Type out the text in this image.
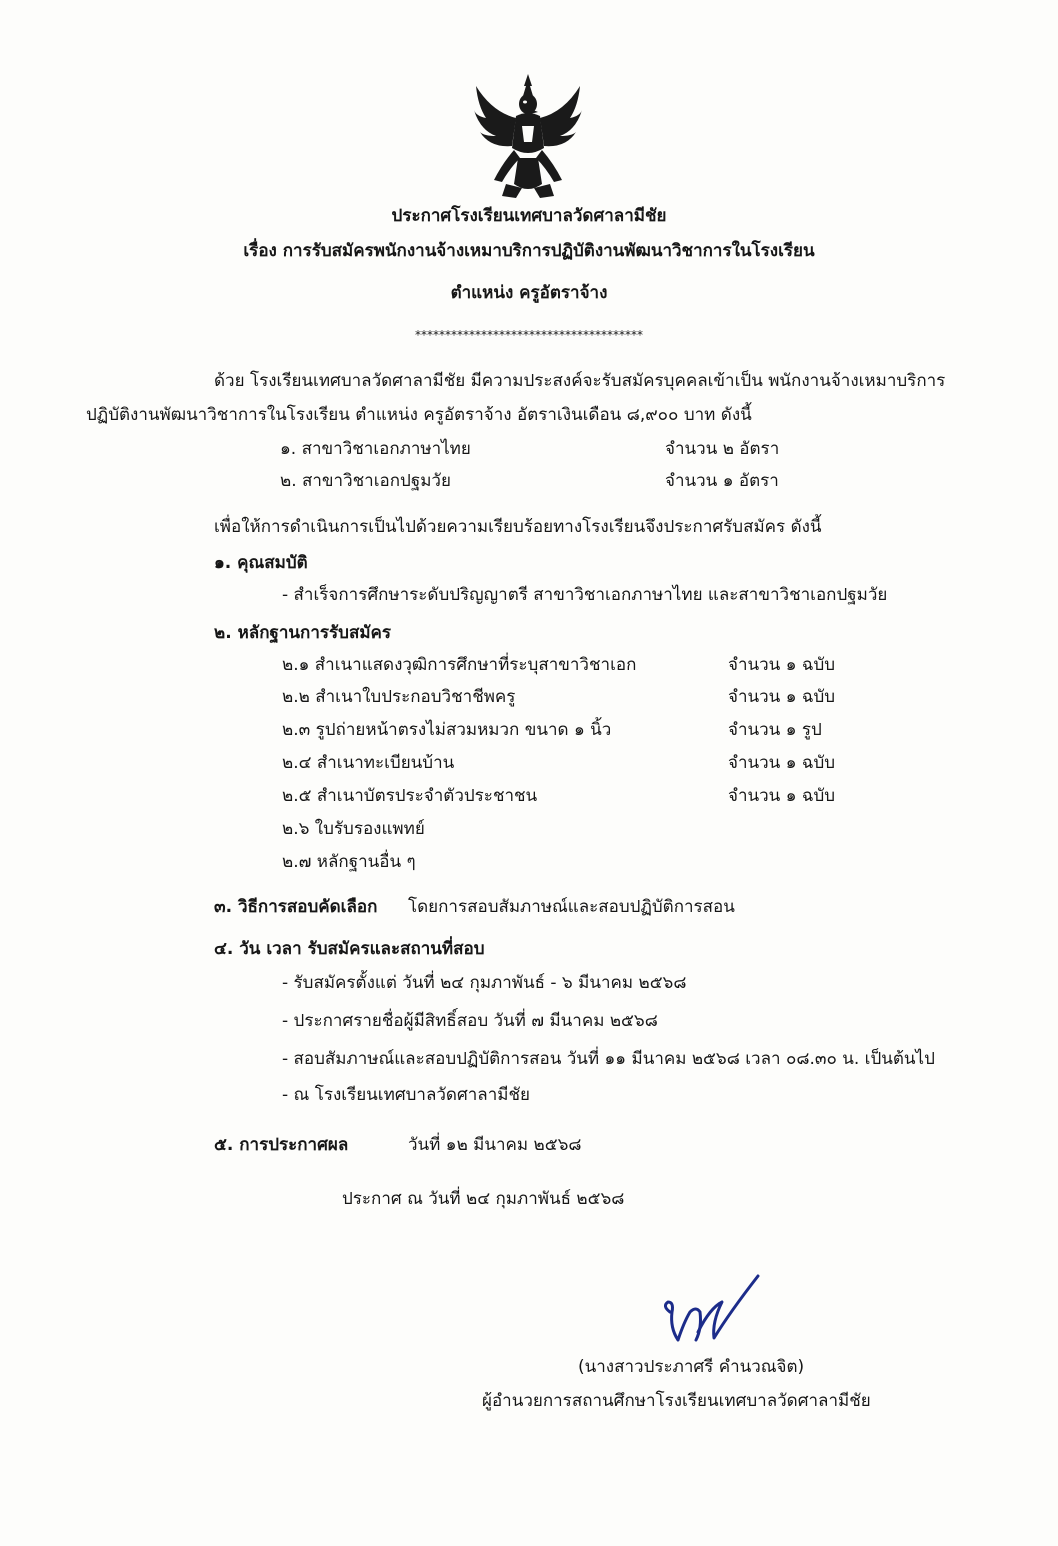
ประกาศโรงเรียนเทศบาลวัดศาลามีชัย
เรื่อง การรับสมัครพนักงานจ้างเหมาบริการปฏิบัติงานพัฒนาวิชาการในโรงเรียน
ตำแหน่ง ครูอัตราจ้าง
**************************************
ด้วย โรงเรียนเทศบาลวัดศาลามีชัย มีความประสงค์จะรับสมัครบุคคลเข้าเป็น พนักงานจ้างเหมาบริการ
ปฏิบัติงานพัฒนาวิชาการในโรงเรียน ตำแหน่ง ครูอัตราจ้าง อัตราเงินเดือน ๘,๙๐๐ บาท ดังนี้
๑. สาขาวิชาเอกภาษาไทย	จำนวน ๒ อัตรา
๒. สาขาวิชาเอกปฐมวัย	จำนวน ๑ อัตรา
เพื่อให้การดำเนินการเป็นไปด้วยความเรียบร้อยทางโรงเรียนจึงประกาศรับสมัคร ดังนี้
๑. คุณสมบัติ
- สำเร็จการศึกษาระดับปริญญาตรี สาขาวิชาเอกภาษาไทย และสาขาวิชาเอกปฐมวัย
๒. หลักฐานการรับสมัคร
๒.๑ สำเนาแสดงวุฒิการศึกษาที่ระบุสาขาวิชาเอก	จำนวน ๑ ฉบับ
๒.๒ สำเนาใบประกอบวิชาชีพครู	จำนวน ๑ ฉบับ
๒.๓ รูปถ่ายหน้าตรงไม่สวมหมวก ขนาด ๑ นิ้ว	จำนวน ๑ รูป
๒.๔ สำเนาทะเบียนบ้าน	จำนวน ๑ ฉบับ
๒.๕ สำเนาบัตรประจำตัวประชาชน	จำนวน ๑ ฉบับ
๒.๖ ใบรับรองแพทย์
๒.๗ หลักฐานอื่น ๆ
๓. วิธีการสอบคัดเลือก โดยการสอบสัมภาษณ์และสอบปฏิบัติการสอน
๔. วัน เวลา รับสมัครและสถานที่สอบ
- รับสมัครตั้งแต่ วันที่ ๒๔ กุมภาพันธ์ - ๖ มีนาคม ๒๕๖๘
- ประกาศรายชื่อผู้มีสิทธิ์สอบ วันที่ ๗ มีนาคม ๒๕๖๘
- สอบสัมภาษณ์และสอบปฏิบัติการสอน วันที่ ๑๑ มีนาคม ๒๕๖๘ เวลา ๐๘.๓๐ น. เป็นต้นไป
- ณ โรงเรียนเทศบาลวัดศาลามีชัย
๕. การประกาศผล	วันที่ ๑๒ มีนาคม ๒๕๖๘
ประกาศ ณ วันที่ ๒๔ กุมภาพันธ์ ๒๕๖๘
(นางสาวประภาศรี คำนวณจิต)
ผู้อำนวยการสถานศึกษาโรงเรียนเทศบาลวัดศาลามีชัย
